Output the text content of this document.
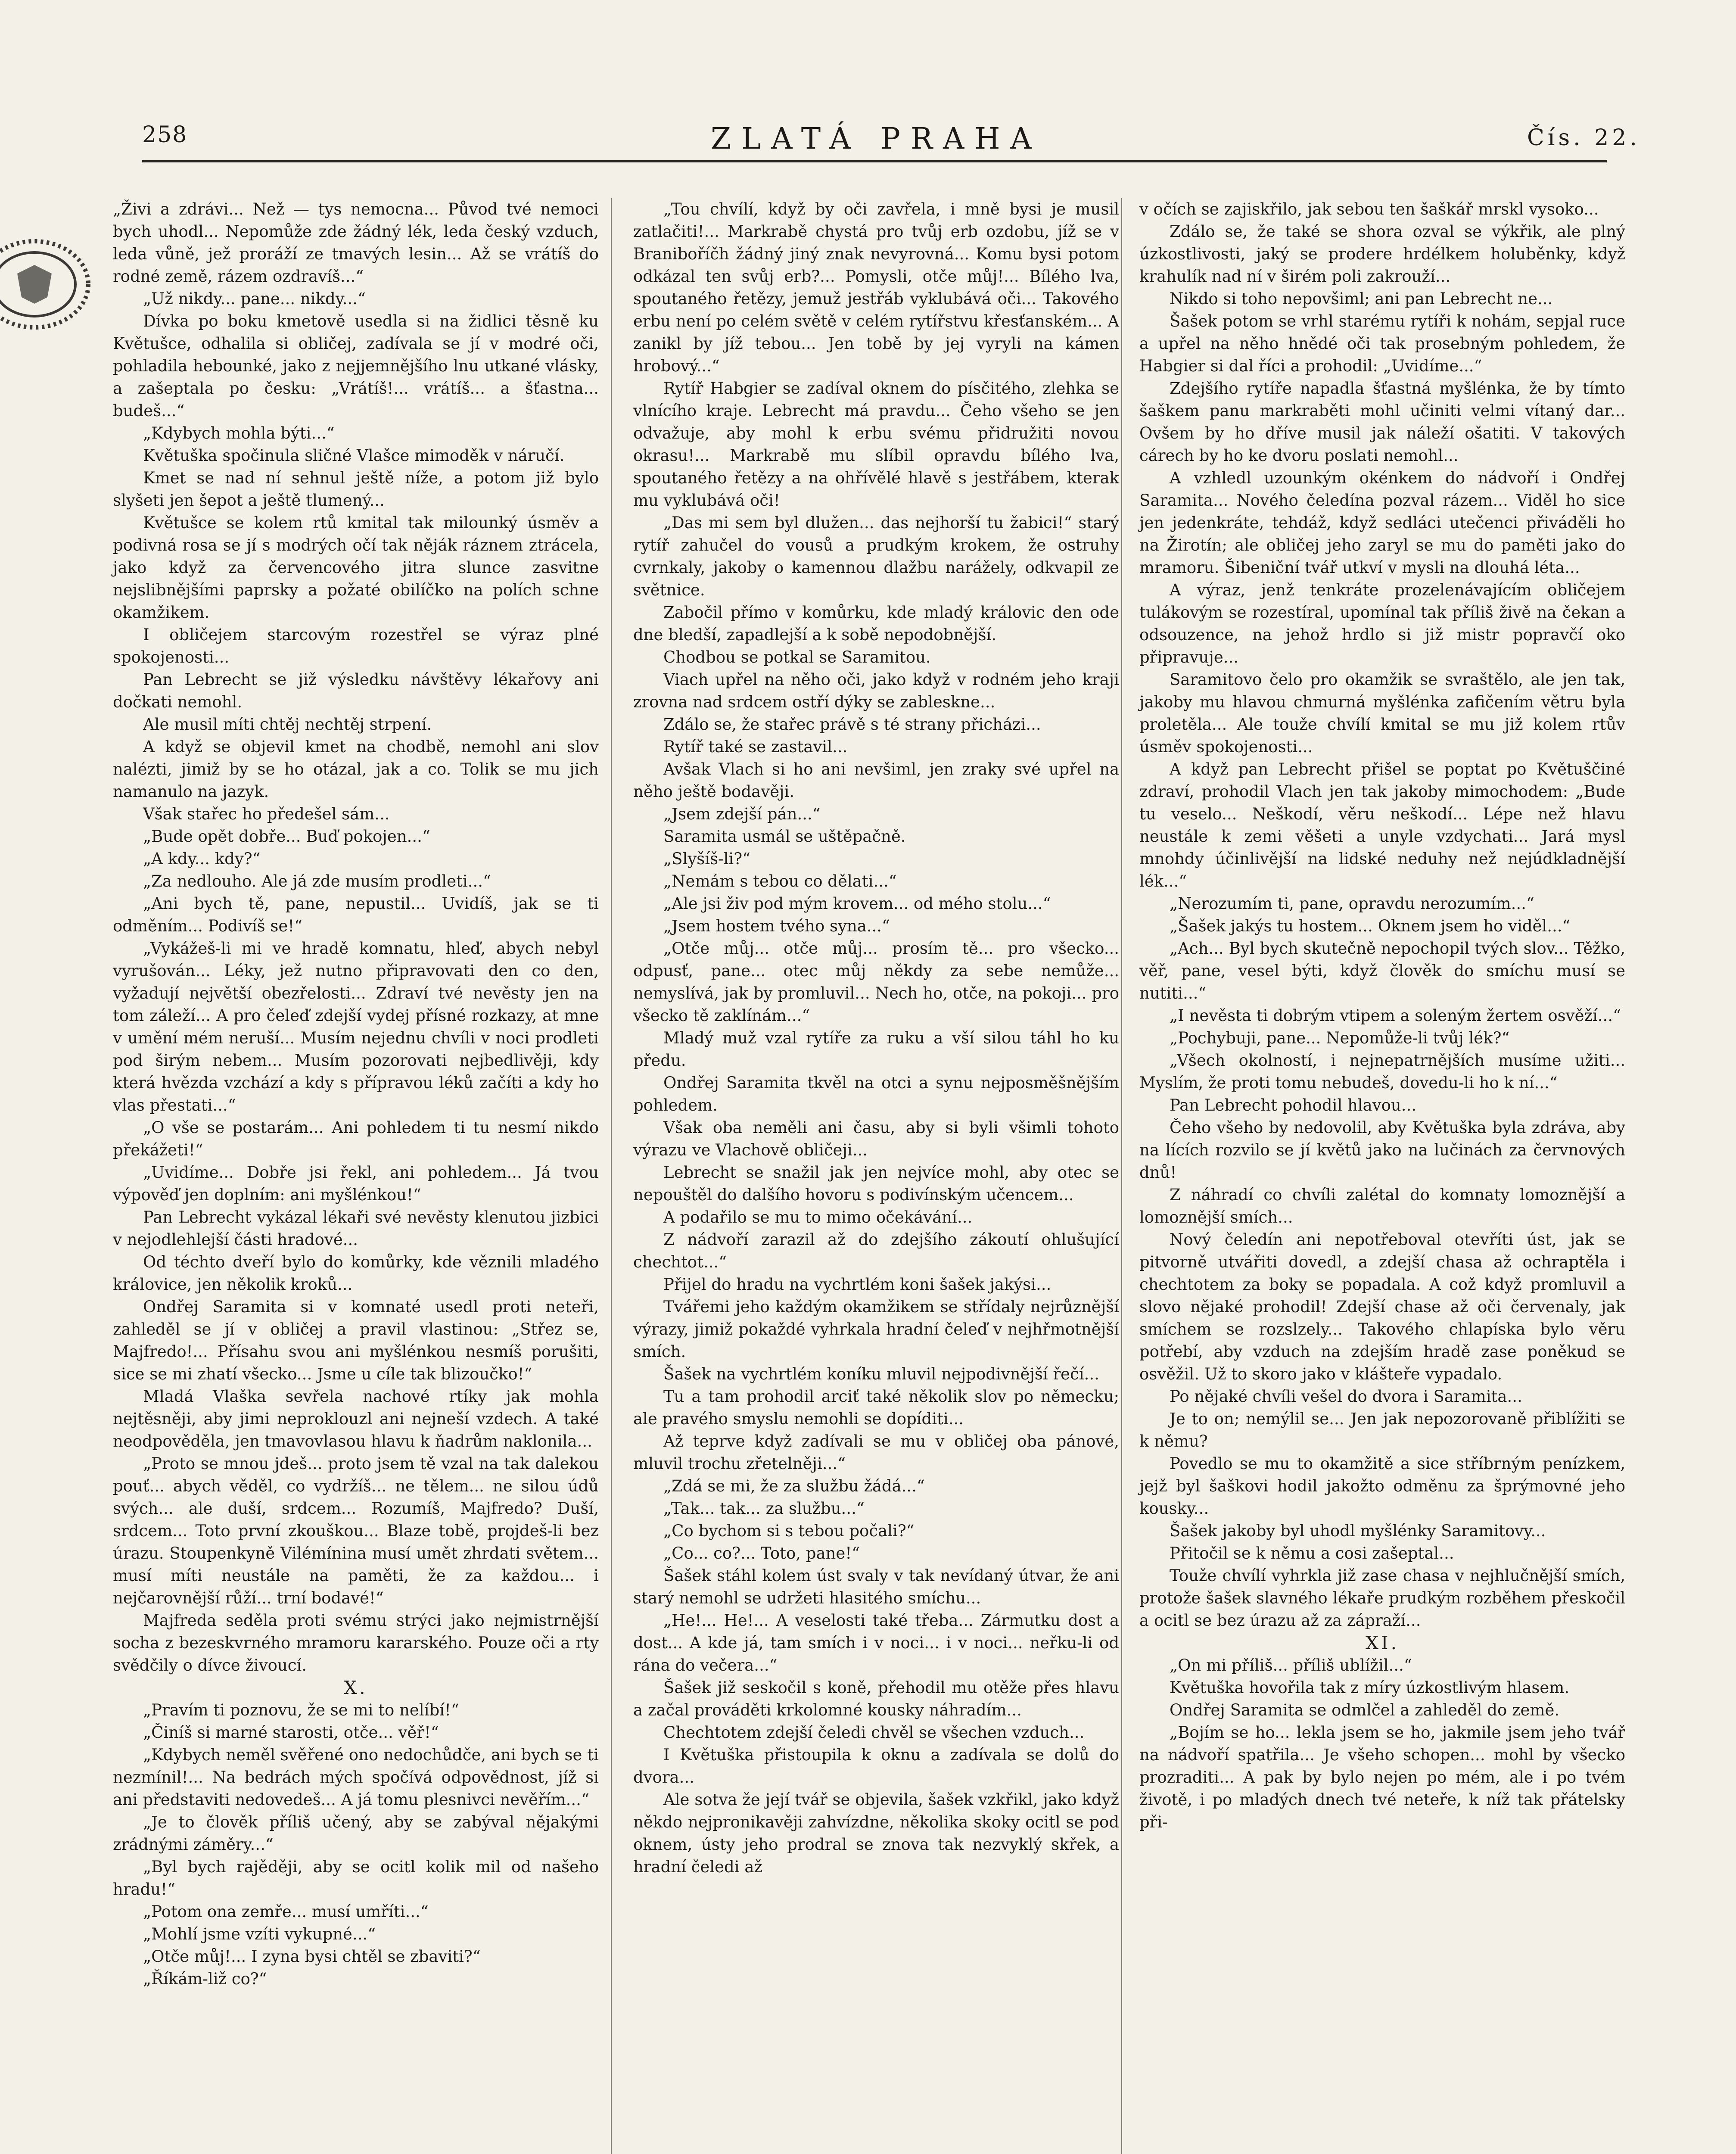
258	ZLATÁ PRAHA	Čís. 22.

„Živi a zdrávi... Než — tys nemocna... Původ tvé nemoci bych uhodl... Nepomůže zde žádný lék, leda český vzduch, leda vůně, jež proráží ze tmavých lesin... Až se vrátíš do rodné země, rázem ozdravíš...“

„Už nikdy... pane... nikdy...“

Dívka po boku kmetově usedla si na židlici těsně ku Květušce, odhalila si obličej, zadívala se jí v modré oči, pohladila hebounké, jako z nejjemnějšího lnu utkané vlásky, a zašeptala po česku: „Vrátíš!... vrátíš... a šťastna... budeš...“

„Kdybych mohla býti...“

Květuška spočinula sličné Vlašce mimoděk v náručí.

Kmet se nad ní sehnul ještě níže, a potom již bylo slyšeti jen šepot a ještě tlumený...

Květušce se kolem rtů kmital tak milounký úsměv a podivná rosa se jí s modrých očí tak něják ráznem ztrácela, jako když za červencového jitra slunce zasvitne nejslibnějšími paprsky a požaté obilíčko na polích schne okamžikem.

I obličejem starcovým rozestřel se výraz plné spokojenosti...

Pan Lebrecht se již výsledku návštěvy lékařovy ani dočkati nemohl.

Ale musil míti chtěj nechtěj strpení.

A když se objevil kmet na chodbě, nemohl ani slov nalézti, jimiž by se ho otázal, jak a co. Tolik se mu jich namanulo na jazyk.

Však stařec ho předešel sám...

„Bude opět dobře... Buď pokojen...“

„A kdy... kdy?“

„Za nedlouho. Ale já zde musím prodleti...“

„Ani bych tě, pane, nepustil... Uvidíš, jak se ti odměním... Podivíš se!“

„Vykážeš-li mi ve hradě komnatu, hleď, abych nebyl vyrušován... Léky, jež nutno připravovati den co den, vyžadují největší obezřelosti... Zdraví tvé nevěsty jen na tom záleží... A pro čeleď zdejší vydej přísné rozkazy, at mne v umění mém neruší... Musím nejednu chvíli v noci prodleti pod širým nebem... Musím pozorovati nejbedlivěji, kdy která hvězda vzchází a kdy s přípravou léků začíti a kdy ho vlas přestati...“

„O vše se postarám... Ani pohledem ti tu nesmí nikdo překážeti!“

„Uvidíme... Dobře jsi řekl, ani pohledem... Já tvou výpověď jen doplním: ani myšlénkou!“

Pan Lebrecht vykázal lékaři své nevěsty klenutou jizbici v nejodlehlejší části hradové...

Od téchto dveří bylo do komůrky, kde věznili mladého královice, jen několik kroků...

Ondřej Saramita si v komnaté usedl proti neteři, zahleděl se jí v obličej a pravil vlastinou: „Střez se, Majfredo!... Přísahu svou ani myšlénkou nesmíš porušiti, sice se mi zhatí všecko... Jsme u cíle tak blizoučko!“

Mladá Vlaška sevřela nachové rtíky jak mohla nejtěsněji, aby jimi neproklouzl ani nejneší vzdech. A také neodpověděla, jen tmavovlasou hlavu k ňadrům naklonila...

„Proto se mnou jdeš... proto jsem tě vzal na tak dalekou pouť... abych věděl, co vydržíš... ne tělem... ne silou údů svých... ale duší, srdcem... Rozumíš, Majfredo? Duší, srdcem... Toto první zkouškou... Blaze tobě, projdeš-li bez úrazu. Stoupenkyně Vilémínina musí umět zhrdati světem... musí míti neustále na paměti, že za každou... i nejčarovnější růží... trní bodavé!“

Majfreda seděla proti svému strýci jako nejmistrnější socha z bezeskvrného mramoru kararského. Pouze oči a rty svědčily o dívce živoucí.

X.

„Pravím ti poznovu, že se mi to nelíbí!“

„Činíš si marné starosti, otče... věř!“

„Kdybych neměl svěřené ono nedochůdče, ani bych se ti nezmínil!... Na bedrách mých spočívá odpovědnost, jíž si ani představiti nedovedeš... A já tomu plesnivci nevěřím...“

„Je to člověk příliš učený, aby se zabýval nějakými zrádnými záměry...“

„Byl bych rajěději, aby se ocitl kolik mil od našeho hradu!“

„Potom ona zemře... musí umříti...“

„Mohlí jsme vzíti vykupné...“

„Otče můj!... I zyna bysi chtěl se zbaviti?“

„Říkám-liž co?“

„Tou chvílí, když by oči zavřela, i mně bysi je musil zatlačiti!... Markrabě chystá pro tvůj erb ozdobu, jíž se v Braniboříčh žádný jiný znak nevyrovná... Komu bysi potom odkázal ten svůj erb?... Pomysli, otče můj!... Bílého lva, spoutaného řetězy, jemuž jestřáb vyklubává oči... Takového erbu není po celém světě v celém rytířstvu křesťanském... A zanikl by jíž tebou... Jen tobě by jej vyryli na kámen hrobový...“

Rytíř Habgier se zadíval oknem do písčitého, zlehka se vlnícího kraje. Lebrecht má pravdu... Čeho všeho se jen odvažuje, aby mohl k erbu svému přidružiti novou okrasu!... Markrabě mu slíbil opravdu bílého lva, spoutaného řetězy a na ohřívělé hlavě s jestřábem, kterak mu vyklubává oči!

„Das mi sem byl dlužen... das nejhorší tu žabici!“ starý rytíř zahučel do vousů a prudkým krokem, že ostruhy cvrnkaly, jakoby o kamennou dlažbu narážely, odkvapil ze světnice.

Zabočil přímo v komůrku, kde mladý královic den ode dne bledší, zapadlejší a k sobě nepodobnější.

Chodbou se potkal se Saramitou.

Viach upřel na něho oči, jako když v rodném jeho kraji zrovna nad srdcem ostří dýky se zablesknе...

Zdálo se, že stařec právě s té strany přicházi...

Rytíř také se zastavil...

Avšak Vlach si ho ani nevšiml, jen zraky své upřel na něho ještě bodavěji.

„Jsem zdejší pán...“

Saramita usmál se uštěpačně.

„Slyšíš-li?“

„Nemám s tebou co dělati...“

„Ale jsi živ pod mým krovem... od mého stolu...“

„Jsem hostem tvého syna...“

„Otče můj... otče můj... prosím tě... pro všecko... odpusť, pane... otec můj někdy za sebe nemůže... nemyslívá, jak by promluvil... Nech ho, otče, na pokoji... pro všecko tě zaklínám...“

Mladý muž vzal rytíře za ruku a vší silou táhl ho ku předu.

Ondřej Saramita tkvěl na otci a synu nejposměšnějším pohledem.

Však oba neměli ani času, aby si byli všimli tohoto výrazu ve Vlachově obličeji...

Lebrecht se snažil jak jen nejvíce mohl, aby otec se nepouštěl do dalšího hovoru s podivínským učencem...

A podařilo se mu to mimo očekávání...

Z nádvoří zarazil až do zdejšího zákoutí ohlušující chechtot...“

Přijel do hradu na vychrtlém koni šašek jakýsi...

Tvářemi jeho každým okamžikem se střídaly nejrůznější výrazy, jimiž pokaždé vyhrkala hradní čeleď v nejhřmotnější smích.

Šašek na vychrtlém koníku mluvil nejpodivnější řečí...

Tu a tam prohodil arciť také několik slov po německu; ale pravého smyslu nemohli se dopíditi...

Až teprve když zadívali se mu v obličej oba pánové, mluvil trochu zřetelněji...“

„Zdá se mi, že za službu žádá...“

„Tak... tak... za službu...“

„Co bychom si s tebou počali?“

„Co... co?... Toto, pane!“

Šašek stáhl kolem úst svaly v tak nevídaný útvar, že ani starý nemohl se udržeti hlasitého smíchu...

„He!... He!... A veselosti také třeba... Zármutku dost a dost... A kde já, tam smích i v noci... i v noci... neřku-li od rána do večera...“

Šašek již seskočil s koně, přehodil mu otěže přes hlavu a začal prováděti krkolomné kousky náhradím...

Chechtotem zdejší čeledi chvěl se všechen vzduch...

I Květuška přistoupila k oknu a zadívala se dolů do dvora...

Ale sotva že její tvář se objevila, šašek vzkřikl, jako když někdo nejpronikavěji zahvízdne, několika skoky ocitl se pod oknem, ústy jeho prodral se znova tak nezvyklý skřek, a hradní čeledi až

v očích se zajiskřilo, jak sebou ten šaškář mrskl vysoko...

Zdálo se, že také se shora ozval se výkřik, ale plný úzkostlivosti, jaký se prodere hrdélkem holuběnky, když krahulík nad ní v širém poli zakrouží...

Nikdo si toho nepovšiml; ani pan Lebrecht ne...

Šašek potom se vrhl starému rytíři k nohám, sepjal ruce a upřel na něho hnědé oči tak prosebným pohledem, že Habgier si dal říci a prohodil: „Uvidíme...“

Zdejšího rytíře napadla šťastná myšlénka, že by tímto šaškem panu markraběti mohl učiniti velmi vítaný dar... Ovšem by ho dříve musil jak náleží ošatiti. V takových cárech by ho ke dvoru poslati nemohl...

A vzhledl uzounkým okénkem do nádvoří i Ondřej Saramita... Nového čeledína pozval rázem... Viděl ho sice jen jedenkráte, tehdáž, když sedláci utečenci přiváděli ho na Žirotín; ale obličej jeho zaryl se mu do paměti jako do mramoru. Šibeniční tvář utkví v mysli na dlouhá léta...

A výraz, jenž tenkráte prozelenávajícím obličejem tulákovým se rozestíral, upomínal tak příliš živě na čekan a odsouzence, na jehož hrdlo si již mistr popravčí oko připravuje...

Saramitovo čelo pro okamžik se svraštělo, ale jen tak, jakoby mu hlavou chmurná myšlénka zafičením větru byla proletěla... Ale touže chvílí kmital se mu již kolem rtův úsměv spokojenosti...

A když pan Lebrecht přišel se poptat po Květuščiné zdraví, prohodil Vlach jen tak jakoby mimochodem: „Bude tu veselo... Neškodí, věru neškodí... Lépe než hlavu neustále k zemi věšeti a unyle vzdychati... Jará mysl mnohdy účinlivější na lidské neduhy než nejúdkladnější lék...“

„Nerozumím ti, pane, opravdu nerozumím...“

„Šašek jakýs tu hostem... Oknem jsem ho viděl...“

„Ach... Byl bych skutečně nepochopil tvých slov... Těžko, věř, pane, vesel býti, když člověk do smíchu musí se nutiti...“

„I nevěsta ti dobrým vtipem a soleným žertem osvěží...“

„Pochybuji, pane... Nepomůže-li tvůj lék?“

„Všech okolností, i nejnepatrnějších musíme užiti... Myslím, že proti tomu nebudeš, dovedu-li ho k ní...“

Pan Lebrecht pohodil hlavou...

Čeho všeho by nedovolil, aby Květuška byla zdráva, aby na lících rozvilo se jí květů jako na lučinách za červnových dnů!

Z náhradí co chvíli zalétal do komnaty lomoznější a lomoznější smích...

Nový čeledín ani nepotřeboval otevříti úst, jak se pitvorně utvářiti dovedl, a zdejší chasa až ochraptěla i chechtotem za boky se popadala. A což když promluvil a slovo nějaké prohodil! Zdejší chase až oči červenaly, jak smíchem se rozslzely... Takového chlapíska bylo věru potřebí, aby vzduch na zdejším hradě zase poněkud se osvěžil. Už to skoro jako v klášteře vypadalo.

Po nějaké chvíli vešel do dvora i Saramita...

Je to on; nemýlil se... Jen jak nepozorovaně přiblížiti se k němu?

Povedlo se mu to okamžitě a sice stříbrným penízkem, jejž byl šaškovi hodil jakožto odměnu za šprýmovné jeho kousky...

Šašek jakoby byl uhodl myšlénky Saramitovy...

Přitočil se k němu a cosi zašeptal...

Touže chvílí vyhrkla již zase chasa v nejhlučnější smích, protože šašek slavného lékaře prudkým rozběhem přeskočil a ocitl se bez úrazu až za zápraží...

XI.

„On mi příliš... příliš ublížil...“

Květuška hovořila tak z míry úzkostlivým hlasem.

Ondřej Saramita se odmlčel a zahleděl do země.

„Bojím se ho... lekla jsem se ho, jakmile jsem jeho tvář na nádvoří spatřila... Je všeho schopen... mohl by všecko prozraditi... A pak by bylo nejen po mém, ale i po tvém životě, i po mladých dnech tvé neteře, k níž tak přátelsky při-
